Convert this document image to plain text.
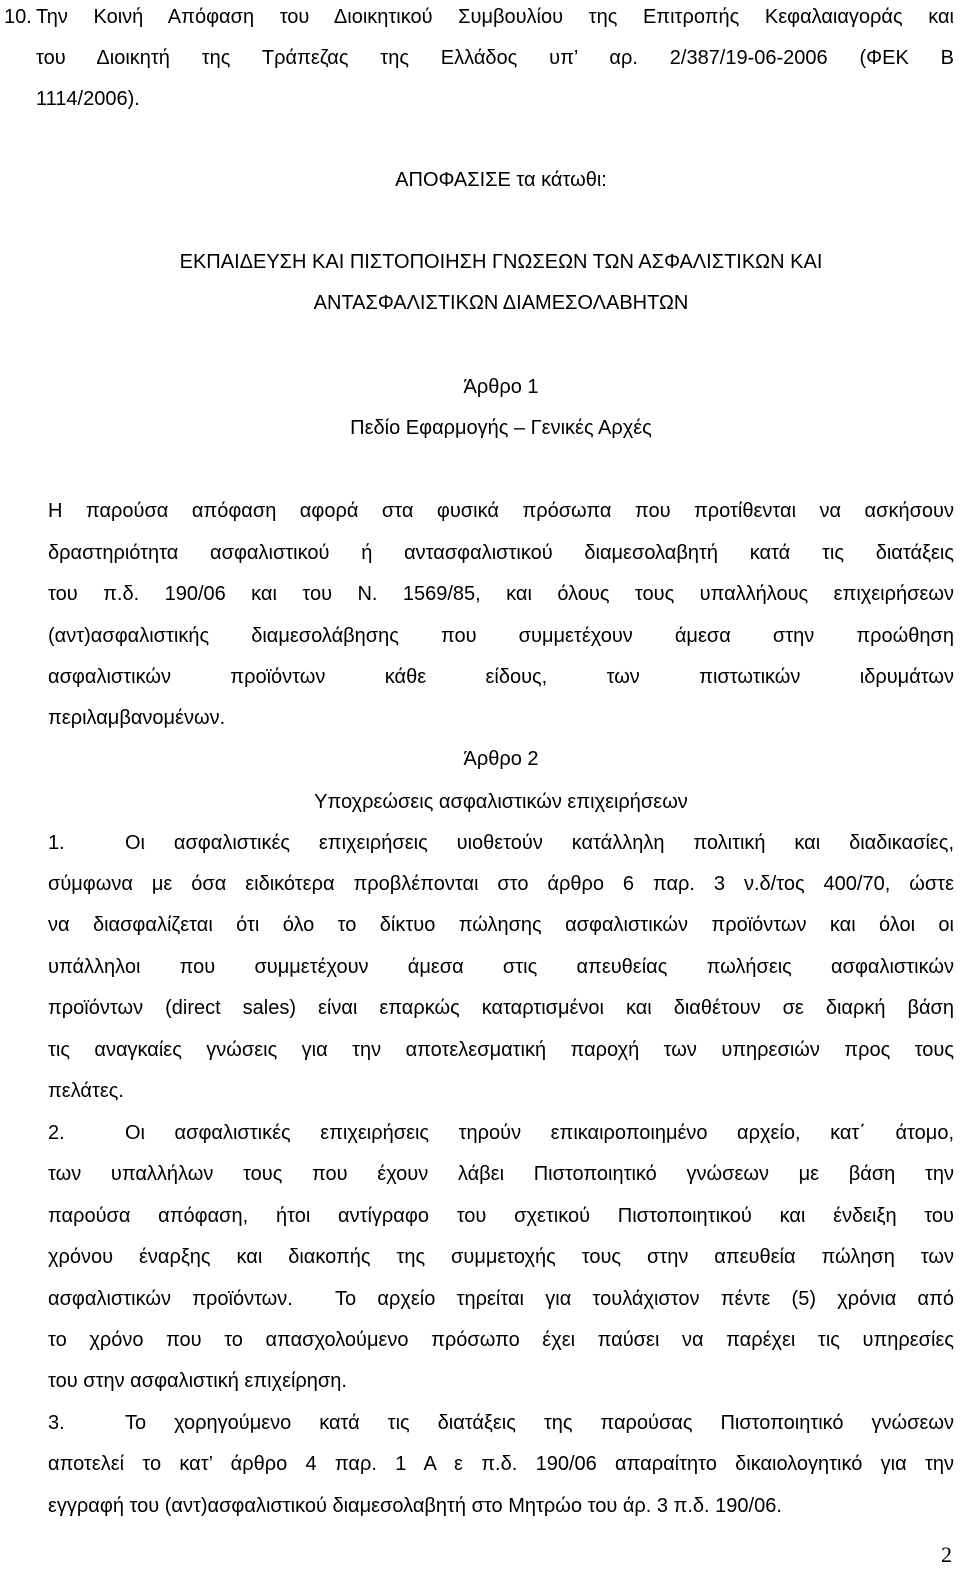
10. Την Κοινή Απόφαση του Διοικητικού Συμβουλίου της Επιτροπής Κεφαλαιαγοράς και
του Διοικητή της Τράπεζας της Ελλάδος υπ’ αρ. 2/387/19-06-2006 (ΦΕΚ Β
1114/2006).
ΑΠΟΦΑΣΙΣΕ τα κάτωθι:
ΕΚΠΑΙΔΕΥΣΗ ΚΑΙ ΠΙΣΤΟΠΟΙΗΣΗ ΓΝΩΣΕΩΝ ΤΩΝ ΑΣΦΑΛΙΣΤΙΚΩΝ ΚΑΙ
ΑΝΤΑΣΦΑΛΙΣΤΙΚΩΝ ΔΙΑΜΕΣΟΛΑΒΗΤΩΝ
Άρθρο 1
Πεδίο Εφαρμογής – Γενικές Αρχές
Η παρούσα απόφαση αφορά στα φυσικά πρόσωπα που προτίθενται να ασκήσουν
δραστηριότητα ασφαλιστικού ή αντασφαλιστικού διαμεσολαβητή κατά τις διατάξεις
του π.δ. 190/06 και του Ν. 1569/85, και όλους τους υπαλλήλους επιχειρήσεων
(αντ)ασφαλιστικής διαμεσολάβησης που συμμετέχουν άμεσα στην προώθηση
ασφαλιστικών προϊόντων κάθε είδους, των πιστωτικών ιδρυμάτων
περιλαμβανομένων.
Άρθρο 2
Υποχρεώσεις ασφαλιστικών επιχειρήσεων
1.	Οι ασφαλιστικές επιχειρήσεις υιοθετούν κατάλληλη πολιτική και διαδικασίες,
σύμφωνα με όσα ειδικότερα προβλέπονται στο άρθρο 6 παρ. 3 ν.δ/τος 400/70, ώστε
να διασφαλίζεται ότι όλο το δίκτυο πώλησης ασφαλιστικών προϊόντων και όλοι οι
υπάλληλοι που συμμετέχουν άμεσα στις απευθείας πωλήσεις ασφαλιστικών
προϊόντων (direct sales) είναι επαρκώς καταρτισμένοι και διαθέτουν σε διαρκή βάση
τις αναγκαίες γνώσεις για την αποτελεσματική παροχή των υπηρεσιών προς τους
πελάτες.
2.	Οι ασφαλιστικές επιχειρήσεις τηρούν επικαιροποιημένο αρχείο, κατ΄ άτομο,
των υπαλλήλων τους που έχουν λάβει Πιστοποιητικό γνώσεων με βάση την
παρούσα απόφαση, ήτοι αντίγραφο του σχετικού Πιστοποιητικού και ένδειξη του
χρόνου έναρξης και διακοπής της συμμετοχής τους στην απευθεία πώληση των
ασφαλιστικών προϊόντων.  Το αρχείο τηρείται για τουλάχιστον πέντε (5) χρόνια από
το χρόνο που το απασχολούμενο πρόσωπο έχει παύσει να παρέχει τις υπηρεσίες
του στην ασφαλιστική επιχείρηση.
3.	Το χορηγούμενο κατά τις διατάξεις της παρούσας Πιστοποιητικό γνώσεων
αποτελεί το κατ’ άρθρο 4 παρ. 1 Α ε π.δ. 190/06 απαραίτητο δικαιολογητικό για την
εγγραφή του (αντ)ασφαλιστικού διαμεσολαβητή στο Μητρώο του άρ. 3 π.δ. 190/06.
2
